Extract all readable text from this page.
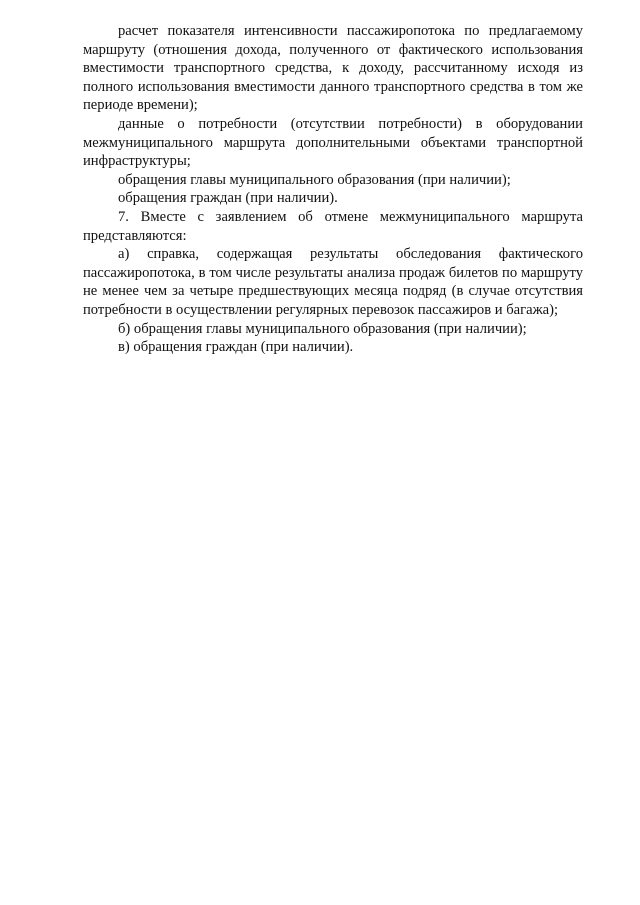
расчет показателя интенсивности пассажиропотока по предлагаемому маршруту (отношения дохода, полученного от фактического использования вместимости транспортного средства, к доходу, рассчитанному исходя из полного использования вместимости данного транспортного средства в том же периоде времени);

данные о потребности (отсутствии потребности) в оборудовании межмуниципального маршрута дополнительными объектами транспортной инфраструктуры;

обращения главы муниципального образования (при наличии);

обращения граждан (при наличии).

7. Вместе с заявлением об отмене межмуниципального маршрута представляются:

а) справка, содержащая результаты обследования фактического пассажиропотока, в том числе результаты анализа продаж билетов по маршруту не менее чем за четыре предшествующих месяца подряд (в случае отсутствия потребности в осуществлении регулярных перевозок пассажиров и багажа);

б) обращения главы муниципального образования (при наличии);

в) обращения граждан (при наличии).
